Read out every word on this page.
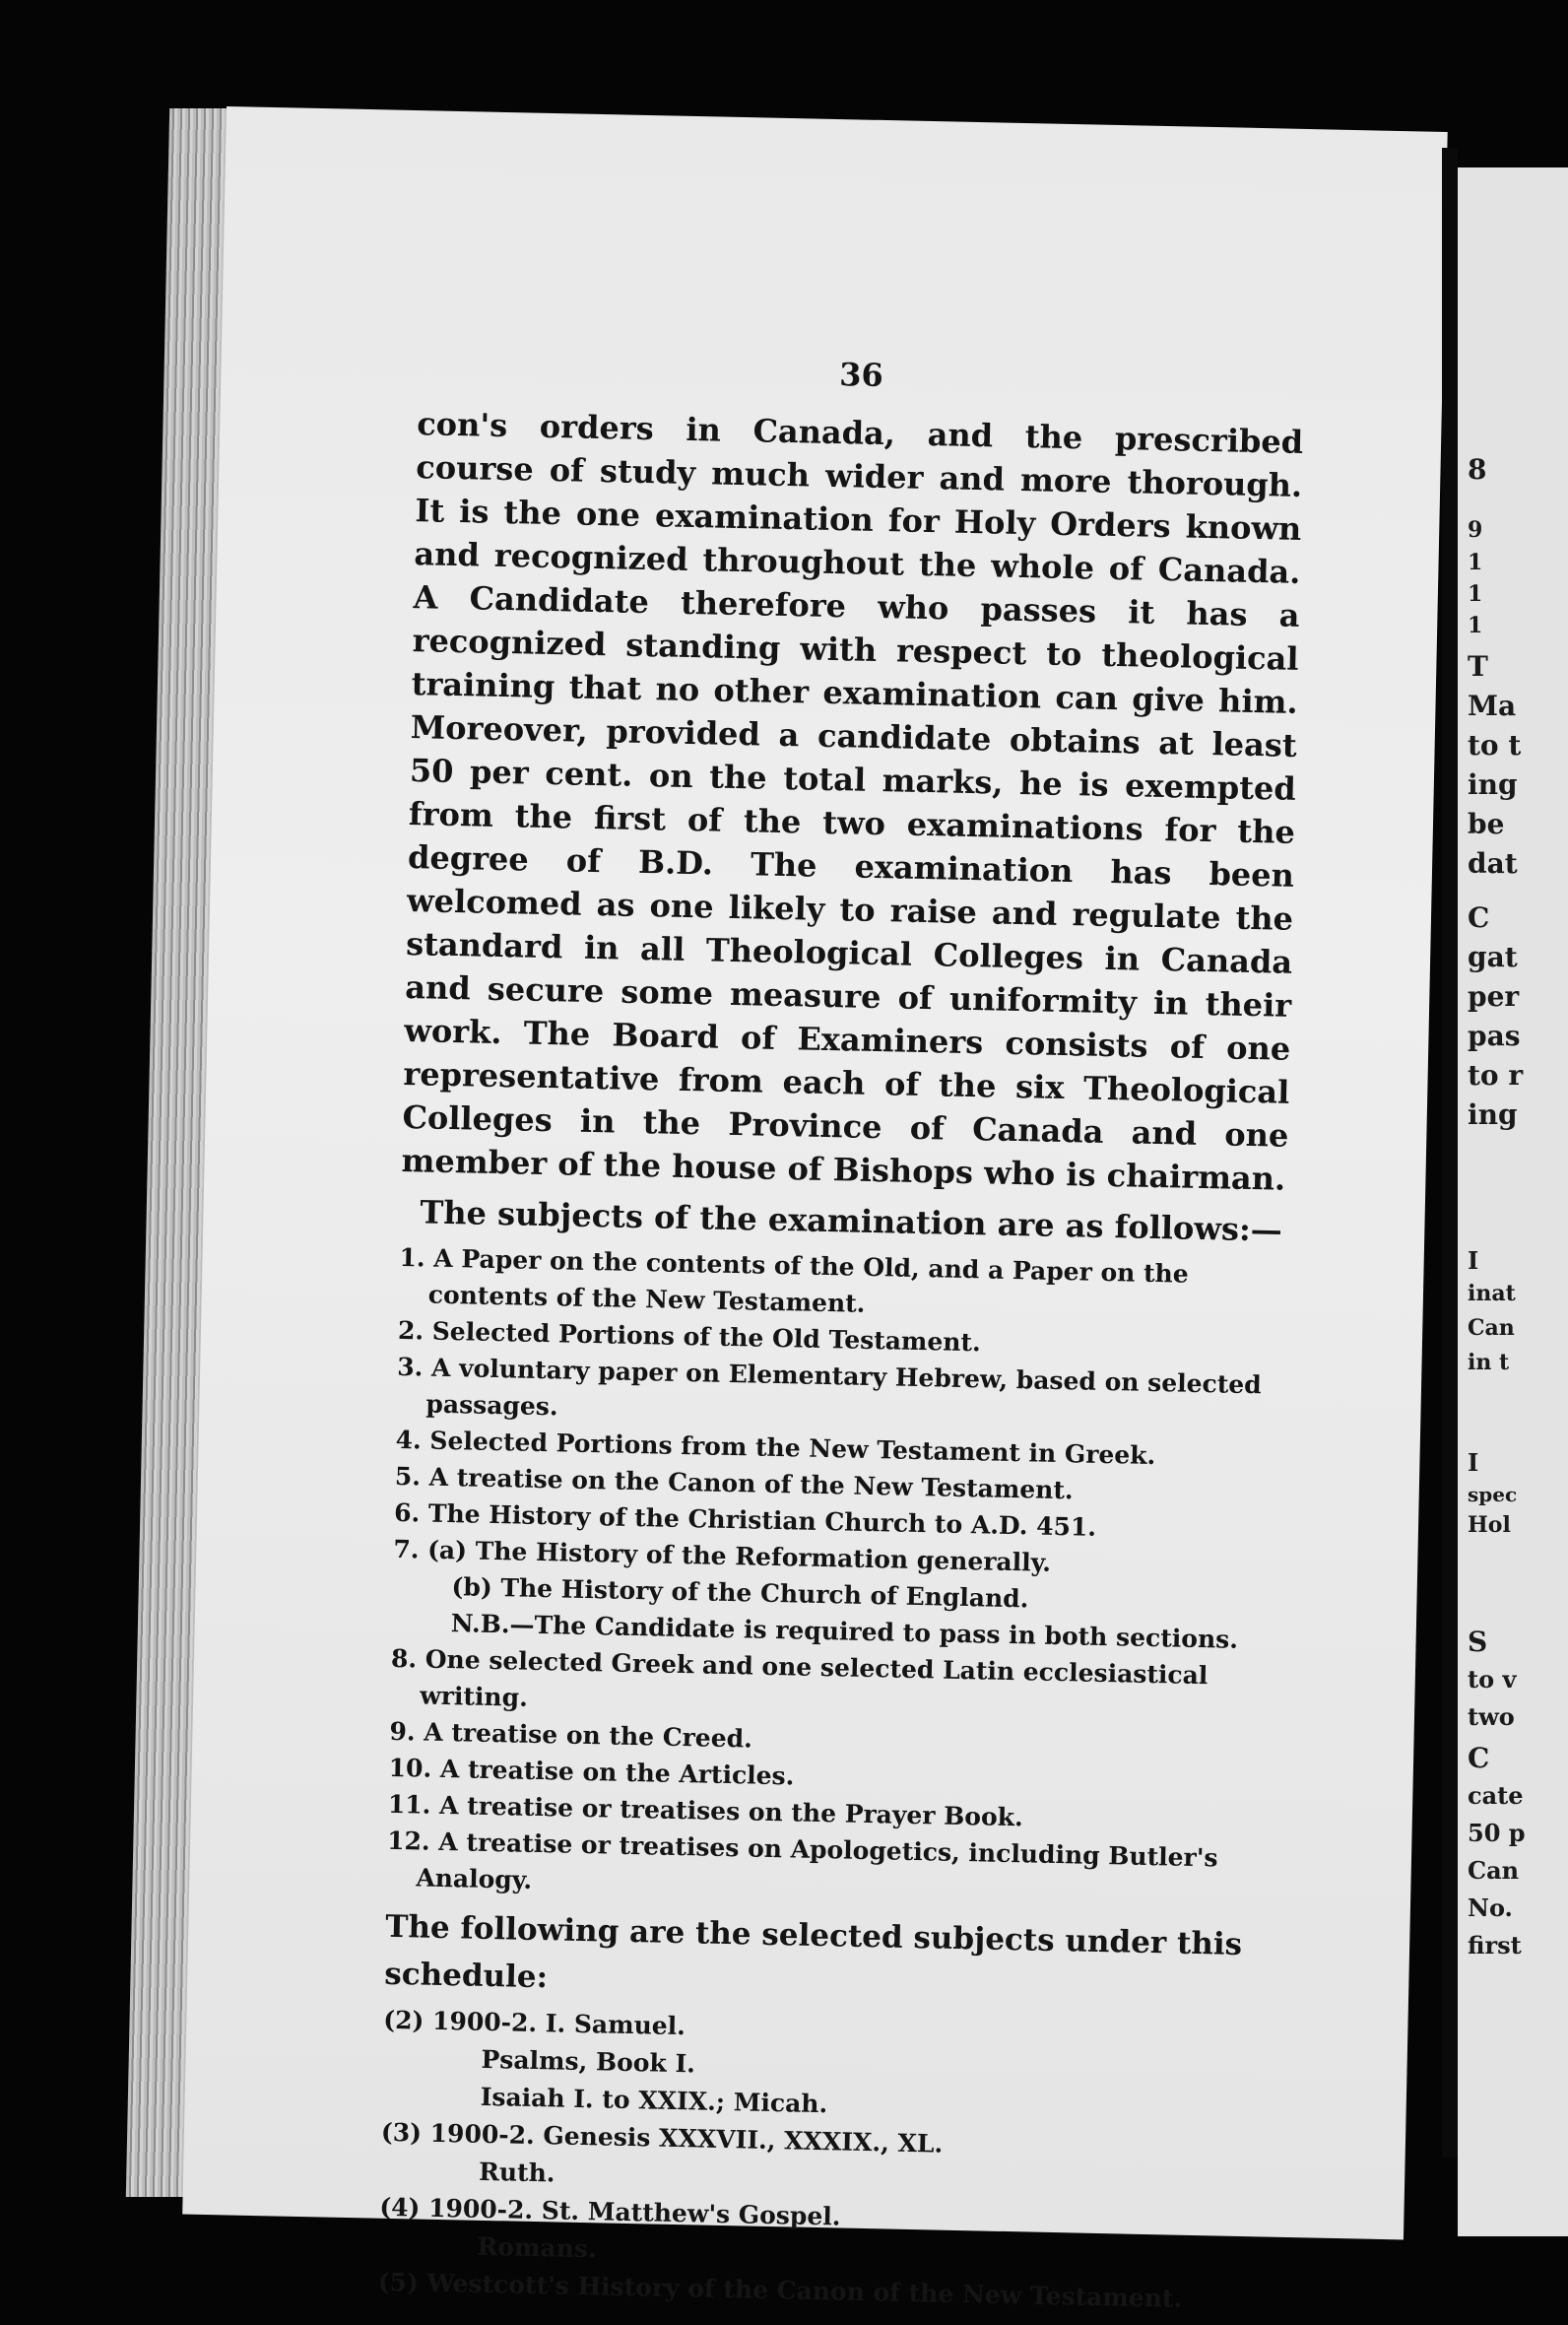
36

con's orders in Canada, and the prescribed course of study much wider and more thorough. It is the one examination for Holy Orders known and recognized throughout the whole of Canada. A Candidate therefore who passes it has a recognized standing with respect to theological training that no other examination can give him. Moreover, provided a candidate obtains at least 50 per cent. on the total marks, he is exempted from the first of the two examinations for the degree of B.D. The examination has been welcomed as one likely to raise and regulate the standard in all Theological Colleges in Canada and secure some measure of uniformity in their work. The Board of Examiners consists of one representative from each of the six Theological Colleges in the Province of Canada and one member of the house of Bishops who is chairman.

The subjects of the examination are as follows:—

1. A Paper on the contents of the Old, and a Paper on the contents of the New Testament.

2. Selected Portions of the Old Testament.

3. A voluntary paper on Elementary Hebrew, based on selected passages.

4. Selected Portions from the New Testament in Greek.

5. A treatise on the Canon of the New Testament.

6. The History of the Christian Church to A.D. 451.

7. (a) The History of the Reformation generally.

(b) The History of the Church of England.

N.B.—The Candidate is required to pass in both sections.

8. One selected Greek and one selected Latin ecclesiastical writing.

9. A treatise on the Creed.

10. A treatise on the Articles.

11. A treatise or treatises on the Prayer Book.

12. A treatise or treatises on Apologetics, including Butler's Analogy.

The following are the selected subjects under this schedule:

(2) 1900-2. I. Samuel.

Psalms, Book I.

Isaiah I. to XXIX.; Micah.

(3) 1900-2. Genesis XXXVII., XXXIX., XL.

Ruth.

(4) 1900-2. St. Matthew's Gospel.

Romans.

(5) Westcott's History of the Canon of the New Testament.

8
9
1
1
1
T
Ma
to t
ing
be
dat
C
gat
per
pas
to r
ing
I
inat
Can
in t
I
spec
Hol
S
to v
two
C
cate
50 p
Can
No.
first
